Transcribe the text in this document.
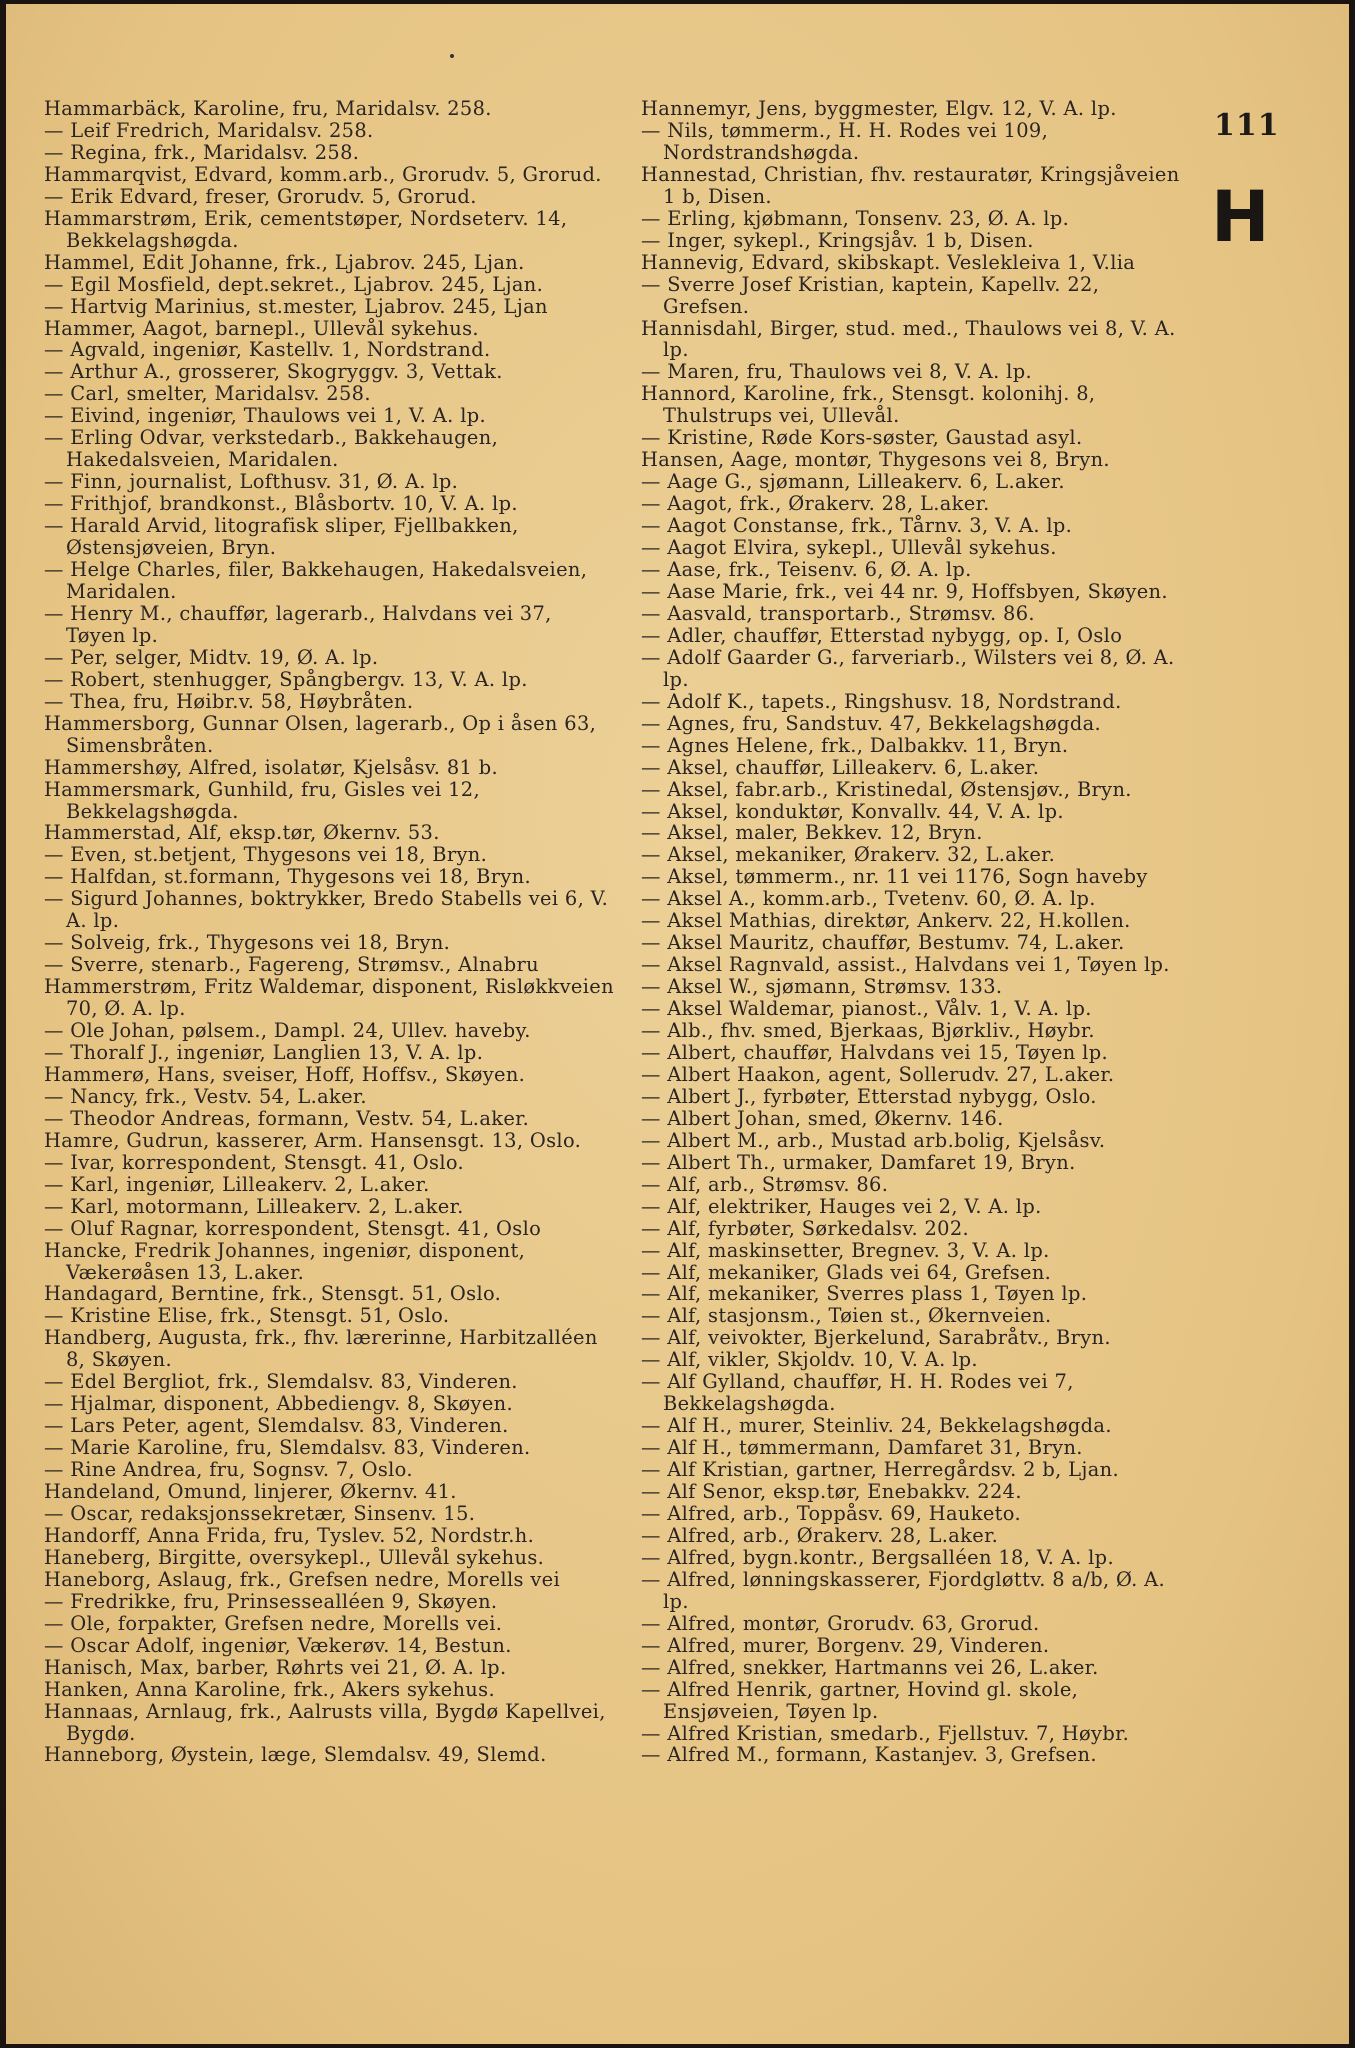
111
H
Hammarbäck, Karoline, fru, Maridalsv. 258.
— Leif Fredrich, Maridalsv. 258.
— Regina, frk., Maridalsv. 258.
Hammarqvist, Edvard, komm.arb., Grorudv. 5, Grorud.
— Erik Edvard, freser, Grorudv. 5, Grorud.
Hammarstrøm, Erik, cementstøper, Nordseterv. 14, Bekkelagshøgda.
Hammel, Edit Johanne, frk., Ljabrov. 245, Ljan.
— Egil Mosfield, dept.sekret., Ljabrov. 245, Ljan.
— Hartvig Marinius, st.mester, Ljabrov. 245, Ljan
Hammer, Aagot, barnepl., Ullevål sykehus.
— Agvald, ingeniør, Kastellv. 1, Nordstrand.
— Arthur A., grosserer, Skogryggv. 3, Vettak.
— Carl, smelter, Maridalsv. 258.
— Eivind, ingeniør, Thaulows vei 1, V. A. lp.
— Erling Odvar, verkstedarb., Bakkehaugen, Hakedalsveien, Maridalen.
— Finn, journalist, Lofthusv. 31, Ø. A. lp.
— Frithjof, brandkonst., Blåsbortv. 10, V. A. lp.
— Harald Arvid, litografisk sliper, Fjellbakken, Østensjøveien, Bryn.
— Helge Charles, filer, Bakkehaugen, Hakedalsveien, Maridalen.
— Henry M., chauffør, lagerarb., Halvdans vei 37, Tøyen lp.
— Per, selger, Midtv. 19, Ø. A. lp.
— Robert, stenhugger, Spångbergv. 13, V. A. lp.
— Thea, fru, Høibr.v. 58, Høybråten.
Hammersborg, Gunnar Olsen, lagerarb., Op i åsen 63, Simensbråten.
Hammershøy, Alfred, isolatør, Kjelsåsv. 81 b.
Hammersmark, Gunhild, fru, Gisles vei 12, Bekkelagshøgda.
Hammerstad, Alf, eksp.tør, Økernv. 53.
— Even, st.betjent, Thygesons vei 18, Bryn.
— Halfdan, st.formann, Thygesons vei 18, Bryn.
— Sigurd Johannes, boktrykker, Bredo Stabells vei 6, V. A. lp.
— Solveig, frk., Thygesons vei 18, Bryn.
— Sverre, stenarb., Fagereng, Strømsv., Alnabru
Hammerstrøm, Fritz Waldemar, disponent, Risløkkveien 70, Ø. A. lp.
— Ole Johan, pølsem., Dampl. 24, Ullev. haveby.
— Thoralf J., ingeniør, Langlien 13, V. A. lp.
Hammerø, Hans, sveiser, Hoff, Hoffsv., Skøyen.
— Nancy, frk., Vestv. 54, L.aker.
— Theodor Andreas, formann, Vestv. 54, L.aker.
Hamre, Gudrun, kasserer, Arm. Hansensgt. 13, Oslo.
— Ivar, korrespondent, Stensgt. 41, Oslo.
— Karl, ingeniør, Lilleakerv. 2, L.aker.
— Karl, motormann, Lilleakerv. 2, L.aker.
— Oluf Ragnar, korrespondent, Stensgt. 41, Oslo
Hancke, Fredrik Johannes, ingeniør, disponent, Vækerøåsen 13, L.aker.
Handagard, Berntine, frk., Stensgt. 51, Oslo.
— Kristine Elise, frk., Stensgt. 51, Oslo.
Handberg, Augusta, frk., fhv. lærerinne, Harbitzalléen 8, Skøyen.
— Edel Bergliot, frk., Slemdalsv. 83, Vinderen.
— Hjalmar, disponent, Abbediengv. 8, Skøyen.
— Lars Peter, agent, Slemdalsv. 83, Vinderen.
— Marie Karoline, fru, Slemdalsv. 83, Vinderen.
— Rine Andrea, fru, Sognsv. 7, Oslo.
Handeland, Omund, linjerer, Økernv. 41.
— Oscar, redaksjonssekretær, Sinsenv. 15.
Handorff, Anna Frida, fru, Tyslev. 52, Nordstr.h.
Haneberg, Birgitte, oversykepl., Ullevål sykehus.
Haneborg, Aslaug, frk., Grefsen nedre, Morells vei
— Fredrikke, fru, Prinsessealléen 9, Skøyen.
— Ole, forpakter, Grefsen nedre, Morells vei.
— Oscar Adolf, ingeniør, Vækerøv. 14, Bestun.
Hanisch, Max, barber, Røhrts vei 21, Ø. A. lp.
Hanken, Anna Karoline, frk., Akers sykehus.
Hannaas, Arnlaug, frk., Aalrusts villa, Bygdø Kapellvei, Bygdø.
Hanneborg, Øystein, læge, Slemdalsv. 49, Slemd.
Hannemyr, Jens, byggmester, Elgv. 12, V. A. lp.
— Nils, tømmerm., H. H. Rodes vei 109, Nordstrandshøgda.
Hannestad, Christian, fhv. restauratør, Kringsjåveien 1 b, Disen.
— Erling, kjøbmann, Tonsenv. 23, Ø. A. lp.
— Inger, sykepl., Kringsjåv. 1 b, Disen.
Hannevig, Edvard, skibskapt. Veslekleiva 1, V.lia
— Sverre Josef Kristian, kaptein, Kapellv. 22, Grefsen.
Hannisdahl, Birger, stud. med., Thaulows vei 8, V. A. lp.
— Maren, fru, Thaulows vei 8, V. A. lp.
Hannord, Karoline, frk., Stensgt. kolonihj. 8, Thulstrups vei, Ullevål.
— Kristine, Røde Kors-søster, Gaustad asyl.
Hansen, Aage, montør, Thygesons vei 8, Bryn.
— Aage G., sjømann, Lilleakerv. 6, L.aker.
— Aagot, frk., Ørakerv. 28, L.aker.
— Aagot Constanse, frk., Tårnv. 3, V. A. lp.
— Aagot Elvira, sykepl., Ullevål sykehus.
— Aase, frk., Teisenv. 6, Ø. A. lp.
— Aase Marie, frk., vei 44 nr. 9, Hoffsbyen, Skøyen.
— Aasvald, transportarb., Strømsv. 86.
— Adler, chauffør, Etterstad nybygg, op. I, Oslo
— Adolf Gaarder G., farveriarb., Wilsters vei 8, Ø. A. lp.
— Adolf K., tapets., Ringshusv. 18, Nordstrand.
— Agnes, fru, Sandstuv. 47, Bekkelagshøgda.
— Agnes Helene, frk., Dalbakkv. 11, Bryn.
— Aksel, chauffør, Lilleakerv. 6, L.aker.
— Aksel, fabr.arb., Kristinedal, Østensjøv., Bryn.
— Aksel, konduktør, Konvallv. 44, V. A. lp.
— Aksel, maler, Bekkev. 12, Bryn.
— Aksel, mekaniker, Ørakerv. 32, L.aker.
— Aksel, tømmerm., nr. 11 vei 1176, Sogn haveby
— Aksel A., komm.arb., Tvetenv. 60, Ø. A. lp.
— Aksel Mathias, direktør, Ankerv. 22, H.kollen.
— Aksel Mauritz, chauffør, Bestumv. 74, L.aker.
— Aksel Ragnvald, assist., Halvdans vei 1, Tøyen lp.
— Aksel W., sjømann, Strømsv. 133.
— Aksel Waldemar, pianost., Vålv. 1, V. A. lp.
— Alb., fhv. smed, Bjerkaas, Bjørkliv., Høybr.
— Albert, chauffør, Halvdans vei 15, Tøyen lp.
— Albert Haakon, agent, Sollerudv. 27, L.aker.
— Albert J., fyrbøter, Etterstad nybygg, Oslo.
— Albert Johan, smed, Økernv. 146.
— Albert M., arb., Mustad arb.bolig, Kjelsåsv.
— Albert Th., urmaker, Damfaret 19, Bryn.
— Alf, arb., Strømsv. 86.
— Alf, elektriker, Hauges vei 2, V. A. lp.
— Alf, fyrbøter, Sørkedalsv. 202.
— Alf, maskinsetter, Bregnev. 3, V. A. lp.
— Alf, mekaniker, Glads vei 64, Grefsen.
— Alf, mekaniker, Sverres plass 1, Tøyen lp.
— Alf, stasjonsm., Tøien st., Økernveien.
— Alf, veivokter, Bjerkelund, Sarabråtv., Bryn.
— Alf, vikler, Skjoldv. 10, V. A. lp.
— Alf Gylland, chauffør, H. H. Rodes vei 7, Bekkelagshøgda.
— Alf H., murer, Steinliv. 24, Bekkelagshøgda.
— Alf H., tømmermann, Damfaret 31, Bryn.
— Alf Kristian, gartner, Herregårdsv. 2 b, Ljan.
— Alf Senor, eksp.tør, Enebakkv. 224.
— Alfred, arb., Toppåsv. 69, Hauketo.
— Alfred, arb., Ørakerv. 28, L.aker.
— Alfred, bygn.kontr., Bergsalléen 18, V. A. lp.
— Alfred, lønningskasserer, Fjordgløttv. 8 a/b, Ø. A. lp.
— Alfred, montør, Grorudv. 63, Grorud.
— Alfred, murer, Borgenv. 29, Vinderen.
— Alfred, snekker, Hartmanns vei 26, L.aker.
— Alfred Henrik, gartner, Hovind gl. skole, Ensjøveien, Tøyen lp.
— Alfred Kristian, smedarb., Fjellstuv. 7, Høybr.
— Alfred M., formann, Kastanjev. 3, Grefsen.
